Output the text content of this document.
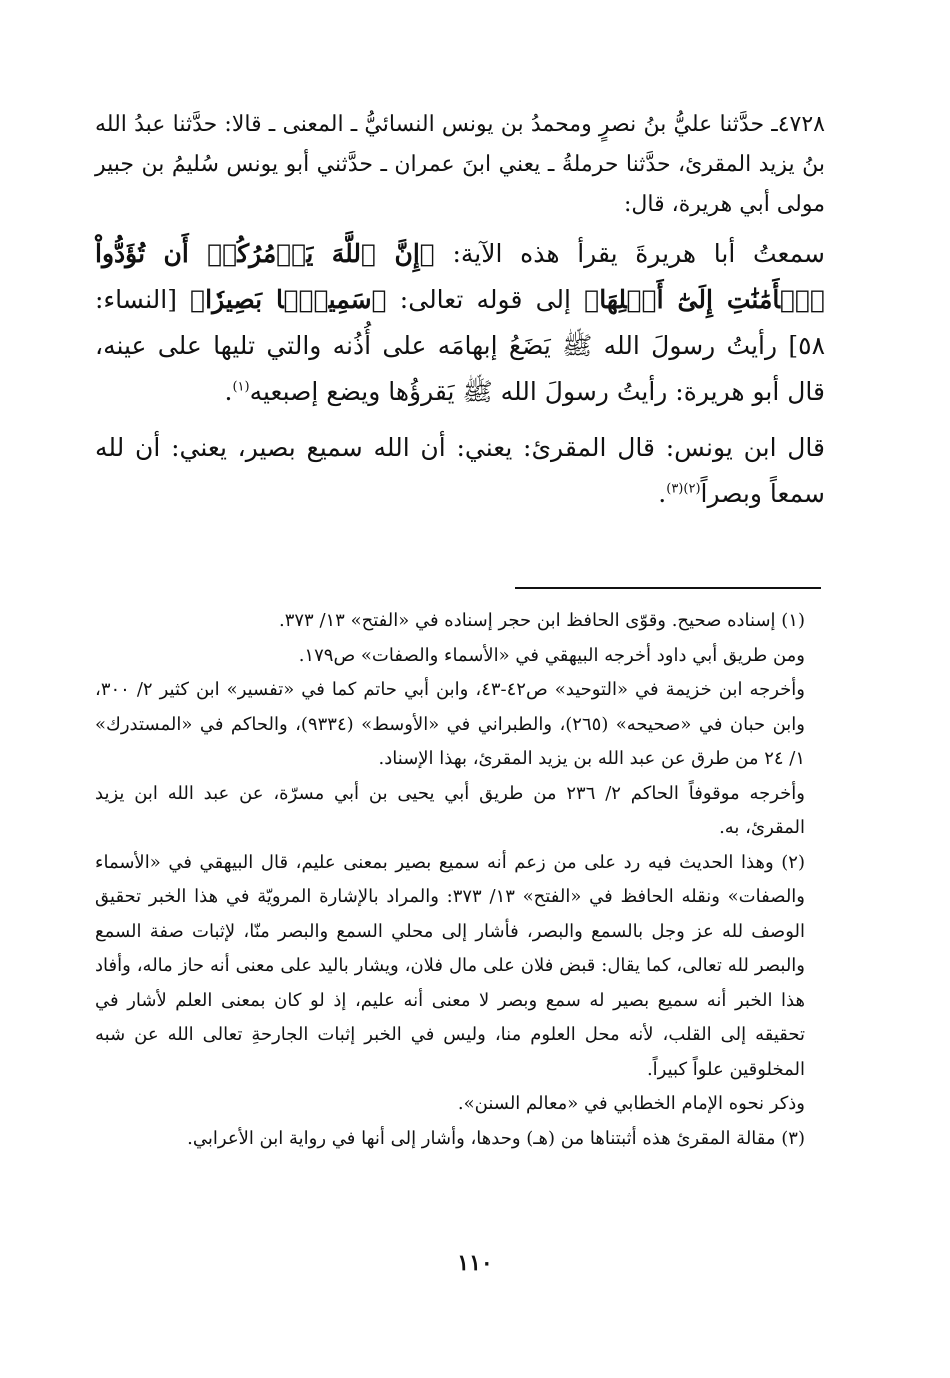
٤٧٢٨ـ حدَّثنا عليُّ بنُ نصرٍ ومحمدُ بن يونس النسائيُّ ـ المعنى ـ قالا: حدَّثنا عبدُ الله بنُ يزيد المقرئ، حدَّثنا حرملةُ ـ يعني ابنَ عمران ـ حدَّثني أبو يونس سُليمُ بن جبير مولى أبي هريرة، قال:

سمعتُ أبا هريرةَ يقرأ هذه الآية: ﴿إِنَّ ٱللَّهَ يَأۡمُرُكُمۡ أَن تُؤَدُّواْ ٱلۡأَمَٰنَٰتِ إِلَىٰٓ أَهۡلِهَا﴾ إلى قوله تعالى: ﴿سَمِيعَۢا بَصِيرٗا﴾ [النساء: ٥٨] رأيتُ رسولَ الله ﷺ يَضَعُ إبهامَه على أُذُنه والتي تليها على عينه، قال أبو هريرة: رأيتُ رسولَ الله ﷺ يَقرؤُها ويضع إصبعيه$^{(١)}$.

قال ابن يونس: قال المقرئ: يعني: أن الله سميع بصير، يعني: أن لله سمعاً وبصراً$^{(٢)(٣)}$.

(١) إسناده صحيح. وقوّى الحافظ ابن حجر إسناده في «الفتح» ١٣/ ٣٧٣.

ومن طريق أبي داود أخرجه البيهقي في «الأسماء والصفات» ص١٧٩.

وأخرجه ابن خزيمة في «التوحيد» ص٤٢-٤٣، وابن أبي حاتم كما في «تفسير» ابن كثير ٢/ ٣٠٠، وابن حبان في «صحيحه» (٢٦٥)، والطبراني في «الأوسط» (٩٣٣٤)، والحاكم في «المستدرك» ١/ ٢٤ من طرق عن عبد الله بن يزيد المقرئ، بهذا الإسناد.

وأخرجه موقوفاً الحاكم ٢/ ٢٣٦ من طريق أبي يحيى بن أبي مسرّة، عن عبد الله ابن يزيد المقرئ، به.

(٢) وهذا الحديث فيه رد على من زعم أنه سميع بصير بمعنى عليم، قال البيهقي في «الأسماء والصفات» ونقله الحافظ في «الفتح» ١٣/ ٣٧٣: والمراد بالإشارة المرويّة في هذا الخبر تحقيق الوصف لله عز وجل بالسمع والبصر، فأشار إلى محلي السمع والبصر منّا، لإثبات صفة السمع والبصر لله تعالى، كما يقال: قبض فلان على مال فلان، ويشار باليد على معنى أنه حاز ماله، وأفاد هذا الخبر أنه سميع بصير له سمع وبصر لا معنى أنه عليم، إذ لو كان بمعنى العلم لأشار في تحقيقه إلى القلب، لأنه محل العلوم منا، وليس في الخبر إثبات الجارحةِ تعالى الله عن شبه المخلوقين علواً كبيراً.

وذكر نحوه الإمام الخطابي في «معالم السنن».

(٣) مقالة المقرئ هذه أثبتناها من (هـ) وحدها، وأشار إلى أنها في رواية ابن الأعرابي.

١١٠
